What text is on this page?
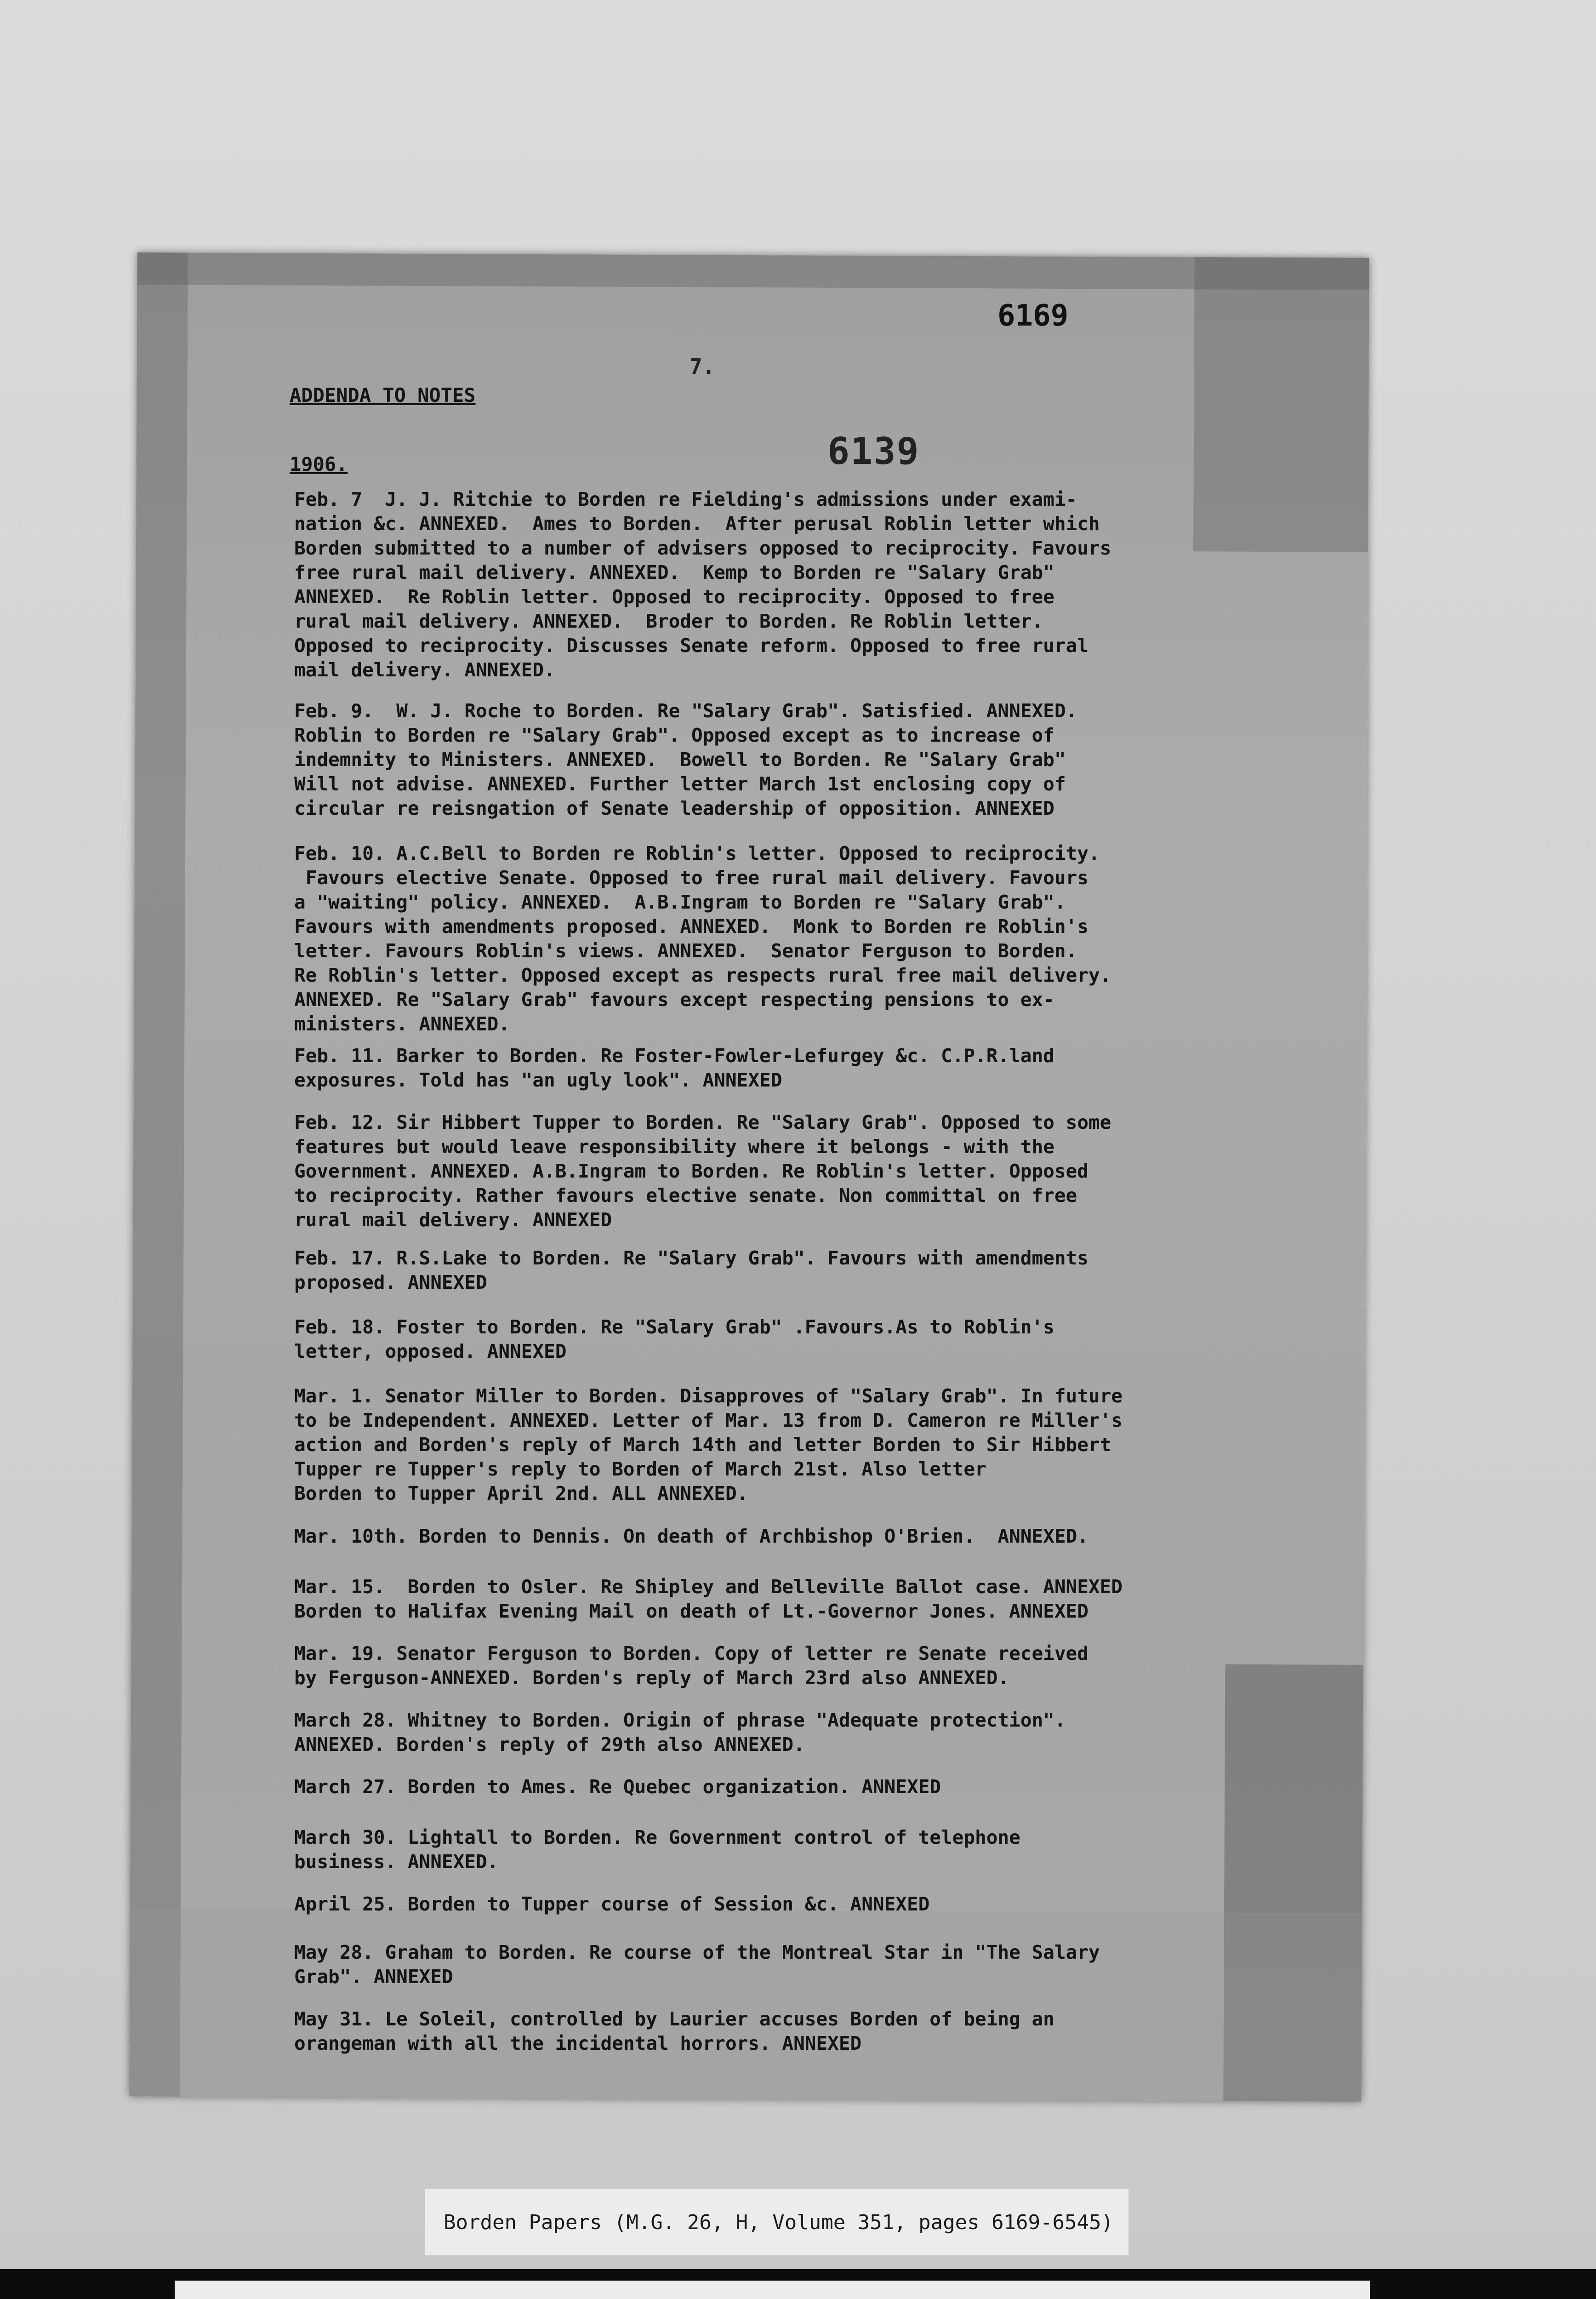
7.
6169
ADDENDA TO NOTES
6139
1906.
Feb. 7  J. J. Ritchie to Borden re Fielding's admissions under exami-
nation &c. ANNEXED.  Ames to Borden.  After perusal Roblin letter which
Borden submitted to a number of advisers opposed to reciprocity. Favours
free rural mail delivery. ANNEXED.  Kemp to Borden re "Salary Grab"
ANNEXED.  Re Roblin letter. Opposed to reciprocity. Opposed to free
rural mail delivery. ANNEXED.  Broder to Borden. Re Roblin letter.
Opposed to reciprocity. Discusses Senate reform. Opposed to free rural
mail delivery. ANNEXED.
Feb. 9.  W. J. Roche to Borden. Re "Salary Grab". Satisfied. ANNEXED.
Roblin to Borden re "Salary Grab". Opposed except as to increase of
indemnity to Ministers. ANNEXED.  Bowell to Borden. Re "Salary Grab"
Will not advise. ANNEXED. Further letter March 1st enclosing copy of
circular re reisngation of Senate leadership of opposition. ANNEXED
Feb. 10. A.C.Bell to Borden re Roblin's letter. Opposed to reciprocity.
Favours elective Senate. Opposed to free rural mail delivery. Favours
a "waiting" policy. ANNEXED.  A.B.Ingram to Borden re "Salary Grab".
Favours with amendments proposed. ANNEXED.  Monk to Borden re Roblin's
letter. Favours Roblin's views. ANNEXED.  Senator Ferguson to Borden.
Re Roblin's letter. Opposed except as respects rural free mail delivery.
ANNEXED. Re "Salary Grab" favours except respecting pensions to ex-
ministers. ANNEXED.
Feb. 11. Barker to Borden. Re Foster-Fowler-Lefurgey &c. C.P.R.land
exposures. Told has "an ugly look". ANNEXED
Feb. 12. Sir Hibbert Tupper to Borden. Re "Salary Grab". Opposed to some
features but would leave responsibility where it belongs - with the
Government. ANNEXED. A.B.Ingram to Borden. Re Roblin's letter. Opposed
to reciprocity. Rather favours elective senate. Non committal on free
rural mail delivery. ANNEXED
Feb. 17. R.S.Lake to Borden. Re "Salary Grab". Favours with amendments
proposed. ANNEXED
Feb. 18. Foster to Borden. Re "Salary Grab" .Favours.As to Roblin's
letter, opposed. ANNEXED
Mar. 1. Senator Miller to Borden. Disapproves of "Salary Grab". In future
to be Independent. ANNEXED. Letter of Mar. 13 from D. Cameron re Miller's
action and Borden's reply of March 14th and letter Borden to Sir Hibbert
Tupper re Tupper's reply to Borden of March 21st. Also letter
Borden to Tupper April 2nd. ALL ANNEXED.
Mar. 10th. Borden to Dennis. On death of Archbishop O'Brien.  ANNEXED.
Mar. 15.  Borden to Osler. Re Shipley and Belleville Ballot case. ANNEXED
Borden to Halifax Evening Mail on death of Lt.-Governor Jones. ANNEXED
Mar. 19. Senator Ferguson to Borden. Copy of letter re Senate received
by Ferguson-ANNEXED. Borden's reply of March 23rd also ANNEXED.
March 28. Whitney to Borden. Origin of phrase "Adequate protection".
ANNEXED. Borden's reply of 29th also ANNEXED.
March 27. Borden to Ames. Re Quebec organization. ANNEXED
March 30. Lightall to Borden. Re Government control of telephone
business. ANNEXED.
April 25. Borden to Tupper course of Session &c. ANNEXED
May 28. Graham to Borden. Re course of the Montreal Star in "The Salary
Grab". ANNEXED
May 31. Le Soleil, controlled by Laurier accuses Borden of being an
orangeman with all the incidental horrors. ANNEXED
Borden Papers (M.G. 26, H, Volume 351, pages 6169-6545)
